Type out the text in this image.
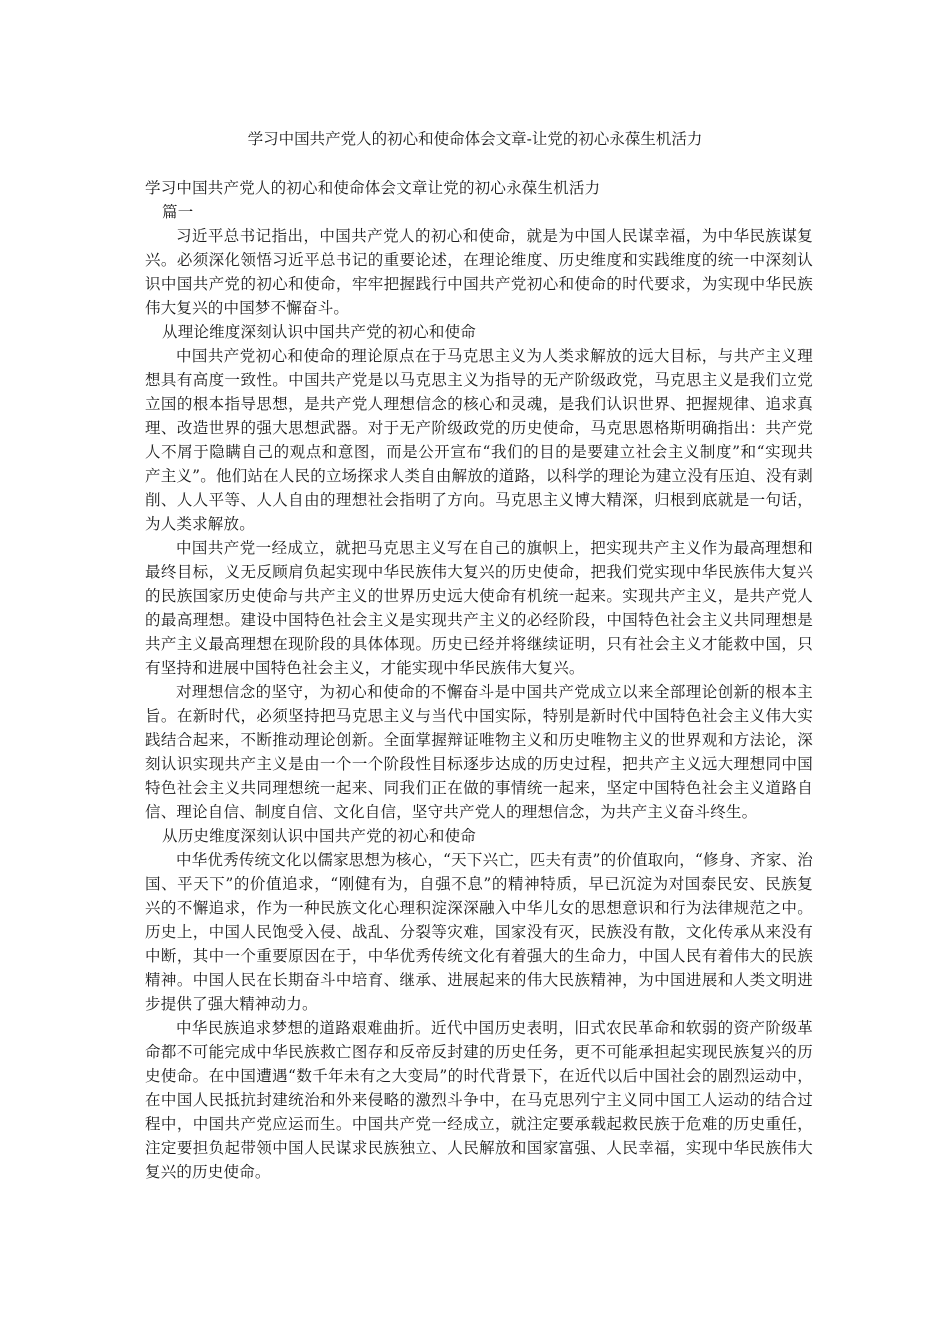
学习中国共产党人的初心和使命体会文章-让党的初心永葆生机活力

学习中国共产党人的初心和使命体会文章让党的初心永葆生机活力

篇一

习近平总书记指出，中国共产党人的初心和使命，就是为中国人民谋幸福，为中华民族谋复兴。必须深化领悟习近平总书记的重要论述，在理论维度、历史维度和实践维度的统一中深刻认识中国共产党的初心和使命，牢牢把握践行中国共产党初心和使命的时代要求，为实现中华民族伟大复兴的中国梦不懈奋斗。

从理论维度深刻认识中国共产党的初心和使命

中国共产党初心和使命的理论原点在于马克思主义为人类求解放的远大目标，与共产主义理想具有高度一致性。中国共产党是以马克思主义为指导的无产阶级政党，马克思主义是我们立党立国的根本指导思想，是共产党人理想信念的核心和灵魂，是我们认识世界、把握规律、追求真理、改造世界的强大思想武器。对于无产阶级政党的历史使命，马克思恩格斯明确指出：共产党人不屑于隐瞒自己的观点和意图，而是公开宣布“我们的目的是要建立社会主义制度”和“实现共产主义”。他们站在人民的立场探求人类自由解放的道路，以科学的理论为建立没有压迫、没有剥削、人人平等、人人自由的理想社会指明了方向。马克思主义博大精深，归根到底就是一句话，为人类求解放。

中国共产党一经成立，就把马克思主义写在自己的旗帜上，把实现共产主义作为最高理想和最终目标，义无反顾肩负起实现中华民族伟大复兴的历史使命，把我们党实现中华民族伟大复兴的民族国家历史使命与共产主义的世界历史远大使命有机统一起来。实现共产主义，是共产党人的最高理想。建设中国特色社会主义是实现共产主义的必经阶段，中国特色社会主义共同理想是共产主义最高理想在现阶段的具体体现。历史已经并将继续证明，只有社会主义才能救中国，只有坚持和进展中国特色社会主义，才能实现中华民族伟大复兴。

对理想信念的坚守，为初心和使命的不懈奋斗是中国共产党成立以来全部理论创新的根本主旨。在新时代，必须坚持把马克思主义与当代中国实际，特别是新时代中国特色社会主义伟大实践结合起来，不断推动理论创新。全面掌握辩证唯物主义和历史唯物主义的世界观和方法论，深刻认识实现共产主义是由一个一个阶段性目标逐步达成的历史过程，把共产主义远大理想同中国特色社会主义共同理想统一起来、同我们正在做的事情统一起来，坚定中国特色社会主义道路自信、理论自信、制度自信、文化自信，坚守共产党人的理想信念，为共产主义奋斗终生。

从历史维度深刻认识中国共产党的初心和使命

中华优秀传统文化以儒家思想为核心，“天下兴亡，匹夫有责”的价值取向，“修身、齐家、治国、平天下”的价值追求，“刚健有为，自强不息”的精神特质，早已沉淀为对国泰民安、民族复兴的不懈追求，作为一种民族文化心理积淀深深融入中华儿女的思想意识和行为法律规范之中。历史上，中国人民饱受入侵、战乱、分裂等灾难，国家没有灭，民族没有散，文化传承从来没有中断，其中一个重要原因在于，中华优秀传统文化有着强大的生命力，中国人民有着伟大的民族精神。中国人民在长期奋斗中培育、继承、进展起来的伟大民族精神，为中国进展和人类文明进步提供了强大精神动力。

中华民族追求梦想的道路艰难曲折。近代中国历史表明，旧式农民革命和软弱的资产阶级革命都不可能完成中华民族救亡图存和反帝反封建的历史任务，更不可能承担起实现民族复兴的历史使命。在中国遭遇“数千年未有之大变局”的时代背景下，在近代以后中国社会的剧烈运动中，在中国人民抵抗封建统治和外来侵略的激烈斗争中，在马克思列宁主义同中国工人运动的结合过程中，中国共产党应运而生。中国共产党一经成立，就注定要承载起救民族于危难的历史重任，注定要担负起带领中国人民谋求民族独立、人民解放和国家富强、人民幸福，实现中华民族伟大复兴的历史使命。
